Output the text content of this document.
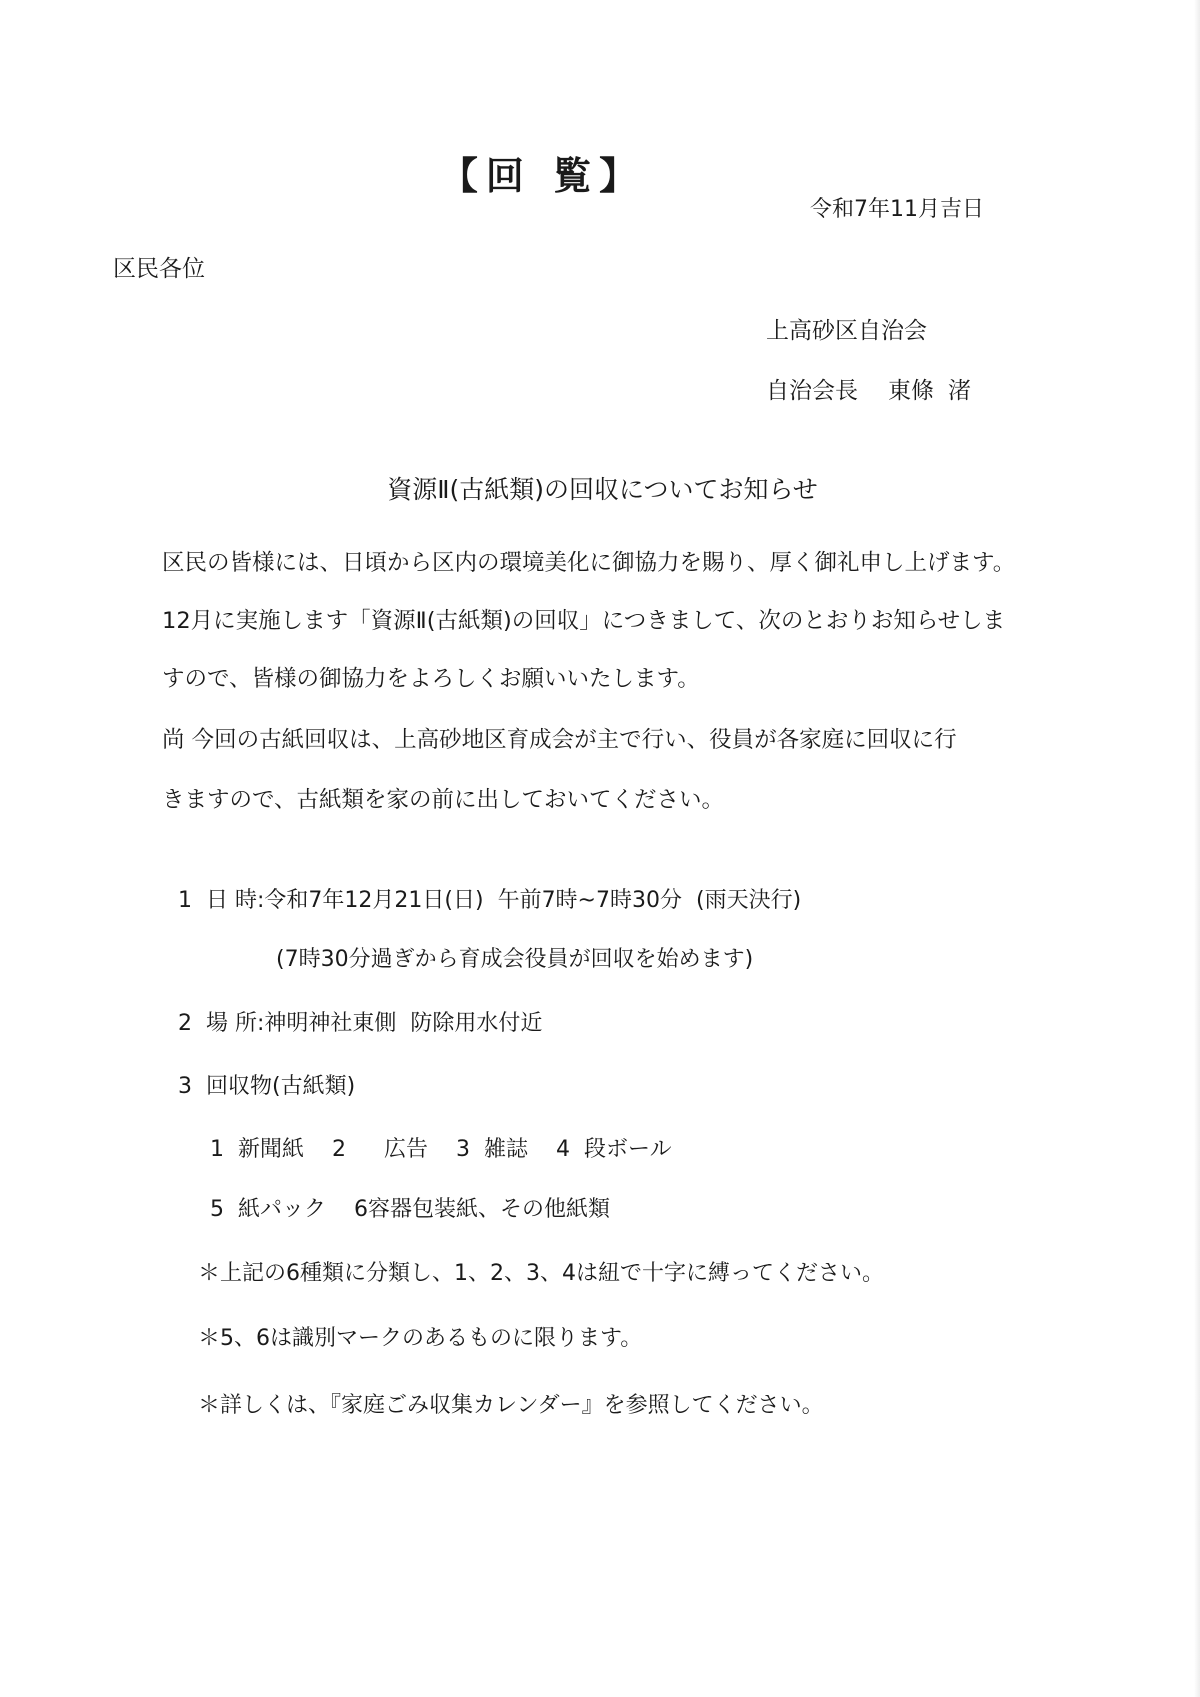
【回 覧】
令和7年11月吉日
区民各位
上高砂区自治会
自治会長 東條 渚
資源Ⅱ(古紙類)の回収についてお知らせ
区民の皆様には、日頃から区内の環境美化に御協力を賜り、厚く御礼申し上げます。
12月に実施します「資源Ⅱ(古紙類)の回収」につきまして、次のとおりお知らせしま
すので、皆様の御協力をよろしくお願いいたします。
尚 今回の古紙回収は、上高砂地区育成会が主で行い、役員が各家庭に回収に行
きますので、古紙類を家の前に出しておいてください。
1 日 時:令和7年12月21日(日) 午前7時~7時30分 (雨天決行)
(7時30分過ぎから育成会役員が回収を始めます)
2 場 所:神明神社東側 防除用水付近
3 回収物(古紙類)
1 新聞紙 2 広告 3 雑誌 4 段ボール
5 紙パック 6容器包装紙、その他紙類
＊上記の6種類に分類し、1、2、3、4は紐で十字に縛ってください。
＊5、6は識別マークのあるものに限ります。
＊詳しくは、『家庭ごみ収集カレンダー』を参照してください。
